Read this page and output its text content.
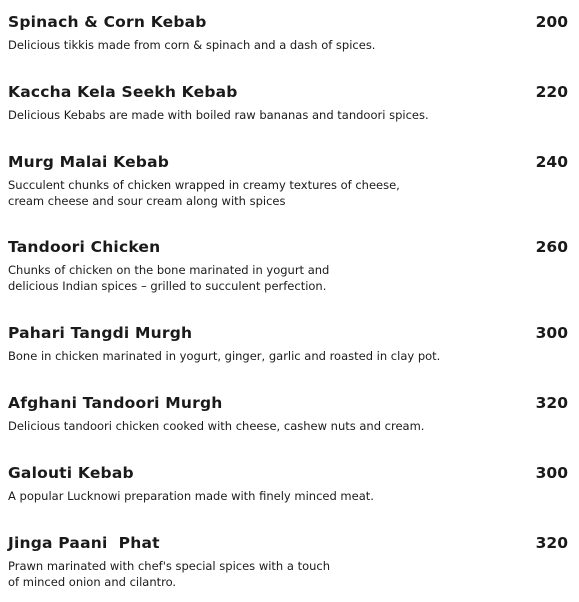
Spinach & Corn Kebab	200
Delicious tikkis made from corn & spinach and a dash of spices.
Kaccha Kela Seekh Kebab	220
Delicious Kebabs are made with boiled raw bananas and tandoori spices.
Murg Malai Kebab	240
Succulent chunks of chicken wrapped in creamy textures of cheese,
cream cheese and sour cream along with spices
Tandoori Chicken	260
Chunks of chicken on the bone marinated in yogurt and
delicious Indian spices – grilled to succulent perfection.
Pahari Tangdi Murgh	300
Bone in chicken marinated in yogurt, ginger, garlic and roasted in clay pot.
Afghani Tandoori Murgh	320
Delicious tandoori chicken cooked with cheese, cashew nuts and cream.
Galouti Kebab	300
A popular Lucknowi preparation made with finely minced meat.
Jinga Paani  Phat	320
Prawn marinated with chef's special spices with a touch
of minced onion and cilantro.
